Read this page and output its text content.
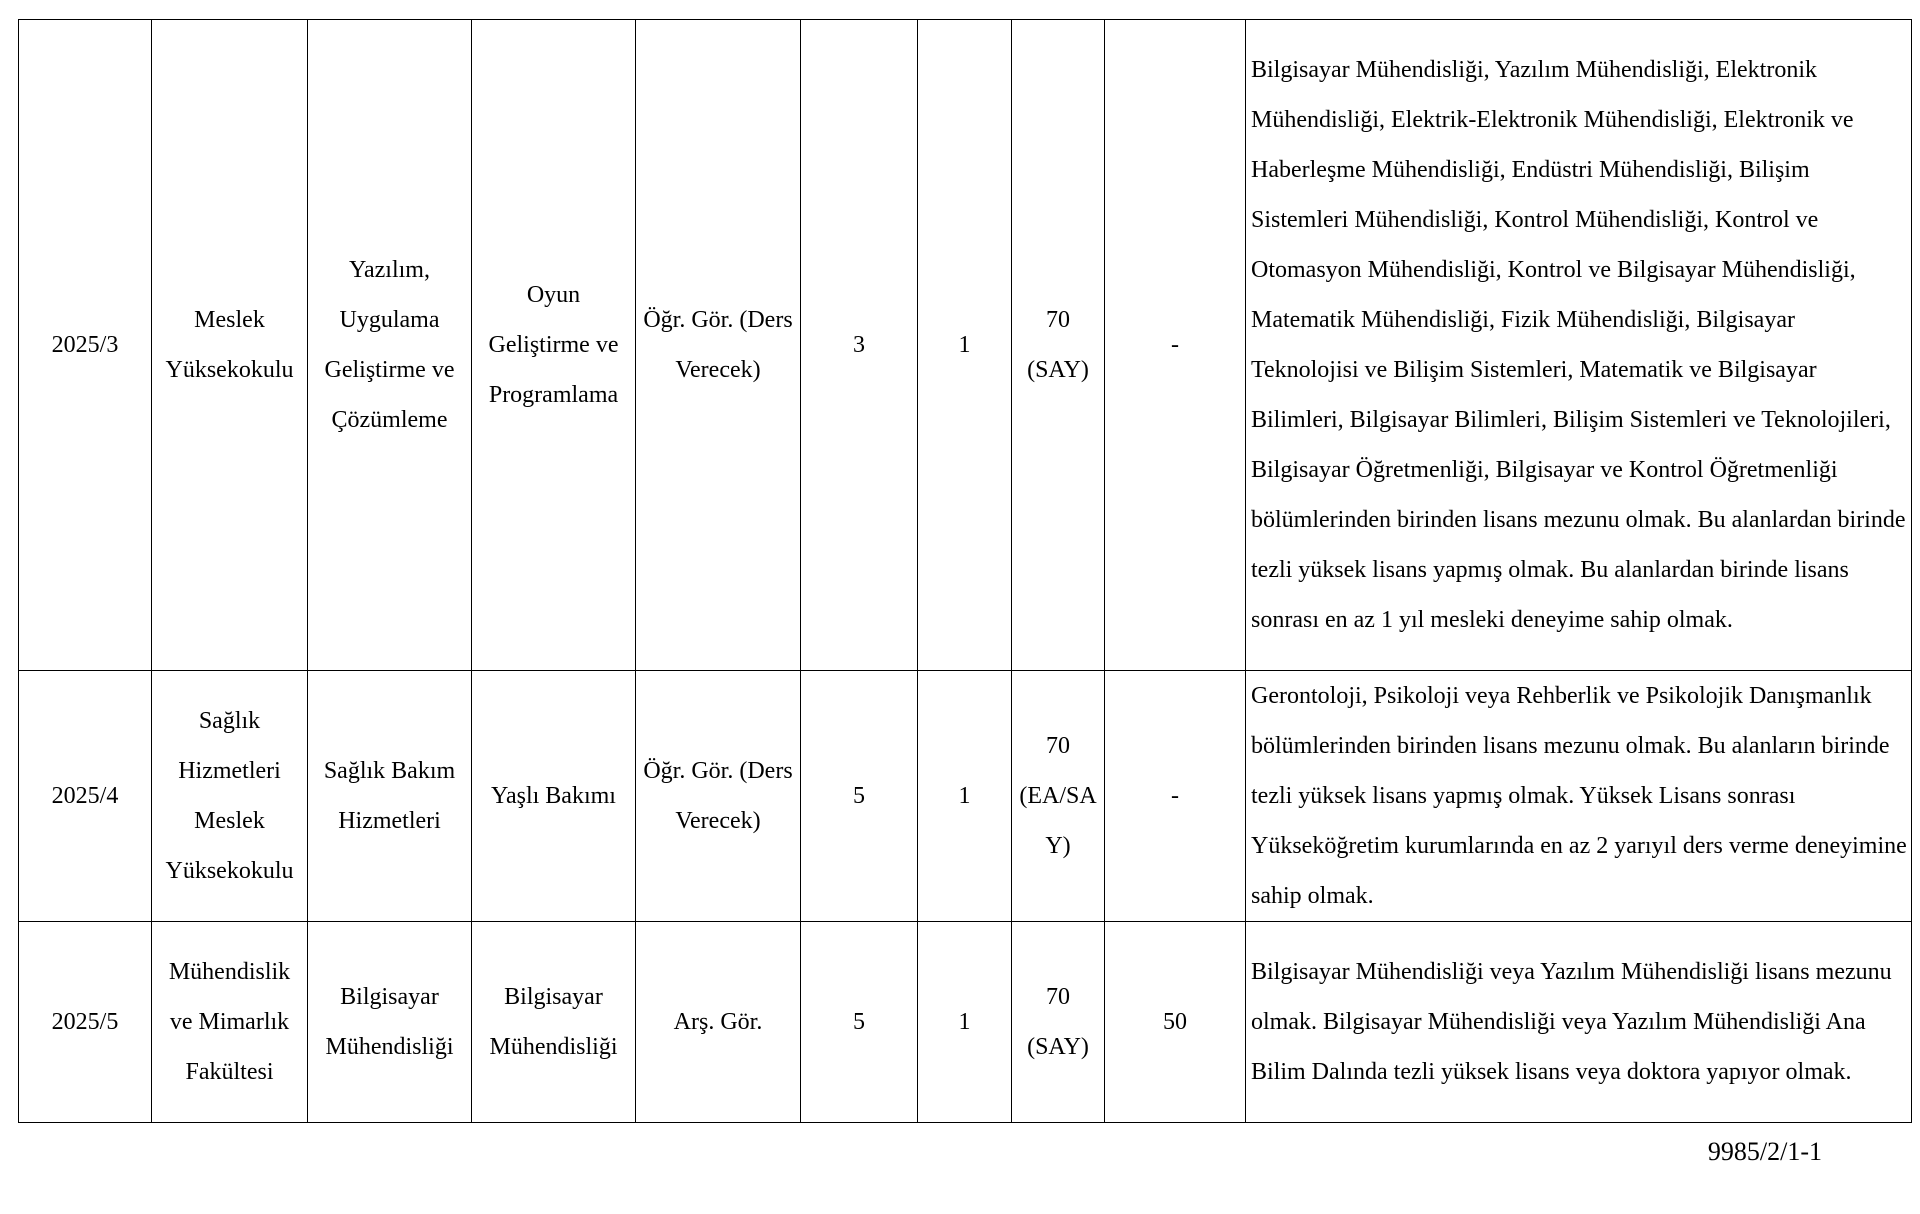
2025/3	Meslek Yüksekokulu	Yazılım, Uygulama Geliştirme ve Çözümleme	Oyun Geliştirme ve Programlama	Öğr. Gör. (Ders Verecek)	3	1	70 (SAY)	-	Bilgisayar Mühendisliği, Yazılım Mühendisliği, Elektronik Mühendisliği, Elektrik-Elektronik Mühendisliği, Elektronik ve Haberleşme Mühendisliği, Endüstri Mühendisliği, Bilişim Sistemleri Mühendisliği, Kontrol Mühendisliği, Kontrol ve Otomasyon Mühendisliği, Kontrol ve Bilgisayar Mühendisliği, Matematik Mühendisliği, Fizik Mühendisliği, Bilgisayar Teknolojisi ve Bilişim Sistemleri, Matematik ve Bilgisayar Bilimleri, Bilgisayar Bilimleri, Bilişim Sistemleri ve Teknolojileri, Bilgisayar Öğretmenliği, Bilgisayar ve Kontrol Öğretmenliği bölümlerinden birinden lisans mezunu olmak. Bu alanlardan birinde tezli yüksek lisans yapmış olmak. Bu alanlardan birinde lisans sonrası en az 1 yıl mesleki deneyime sahip olmak.
2025/4	Sağlık Hizmetleri Meslek Yüksekokulu	Sağlık Bakım Hizmetleri	Yaşlı Bakımı	Öğr. Gör. (Ders Verecek)	5	1	70 (EA/SAY)	-	Gerontoloji, Psikoloji veya Rehberlik ve Psikolojik Danışmanlık bölümlerinden birinden lisans mezunu olmak. Bu alanların birinde tezli yüksek lisans yapmış olmak. Yüksek Lisans sonrası Yükseköğretim kurumlarında en az 2 yarıyıl ders verme deneyimine sahip olmak.
2025/5	Mühendislik ve Mimarlık Fakültesi	Bilgisayar Mühendisliği	Bilgisayar Mühendisliği	Arş. Gör.	5	1	70 (SAY)	50	Bilgisayar Mühendisliği veya Yazılım Mühendisliği lisans mezunu olmak. Bilgisayar Mühendisliği veya Yazılım Mühendisliği Ana Bilim Dalında tezli yüksek lisans veya doktora yapıyor olmak.
9985/2/1-1
